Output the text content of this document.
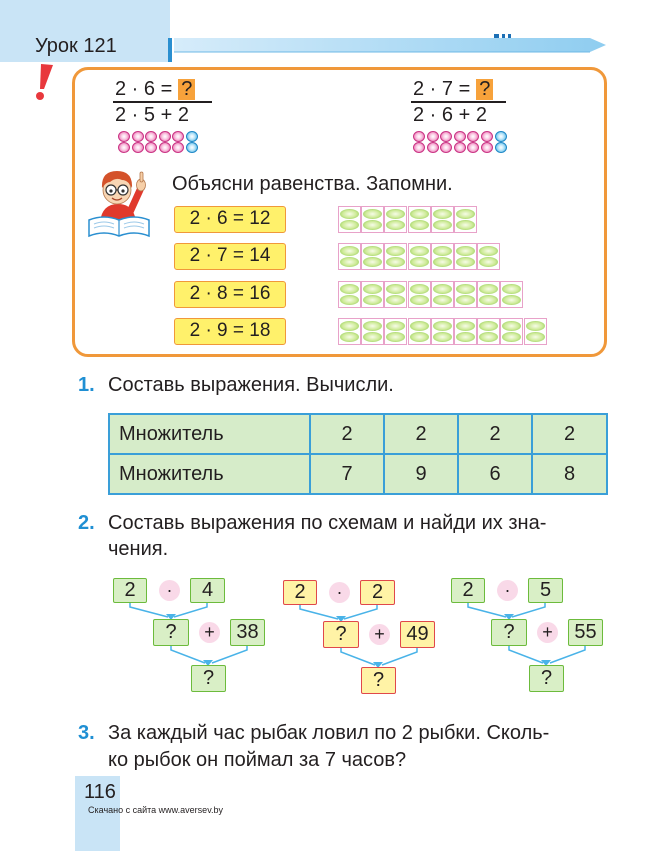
Урок 121
2 · 6 = ?
2 · 5 + 2
2 · 7 = ?
2 · 6 + 2
Объясни равенства. Запомни.
2 · 6 = 12
2 · 7 = 14
2 · 8 = 16
2 · 9 = 18
1. Составь выражения. Вычисли.
Множитель	2	2	2	2
Множитель	7	9	6	8
2. Составь выражения по схемам и найди их зна-
чения.
2	·	4
?	+	38
?
2	·	2
?	+	49
?
2	·	5
?	+	55
?
3. За каждый час рыбак ловил по 2 рыбки. Сколь-
ко рыбок он поймал за 7 часов?
116
Скачано с сайта www.aversev.by
